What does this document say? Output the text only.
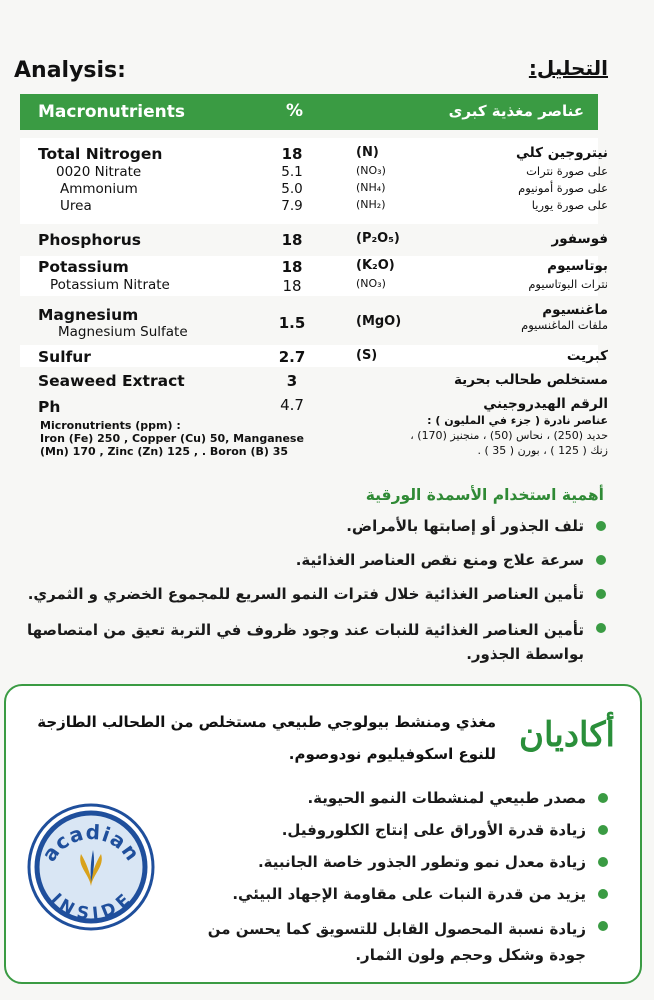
Analysis:	التحليل:
Macronutrients	%	عناصر مغذية كبرى
Total Nitrogen	18	(N)	نيتروجين كلي
0020 Nitrate	5.1	(NO₃)	على صورة نترات
Ammonium	5.0	(NH₄)	على صورة أمونيوم
Urea	7.9	(NH₂)	على صورة يوريا
Phosphorus	18	(P₂O₅)	فوسفور
Potassium	18	(K₂O)	بوتاسيوم
Potassium Nitrate	18	(NO₃)	نترات البوتاسيوم
Magnesium	ماغنسيوم
Magnesium Sulfate	1.5	(MgO)	ملفات الماغنسيوم
Sulfur	2.7	(S)	كبريت
Seaweed Extract	3	مستخلص طحالب بحرية
Ph	4.7	الرقم الهيدروجيني
Micronutrients (ppm) :
Iron (Fe) 250 , Copper (Cu) 50, Manganese
(Mn) 170 , Zinc (Zn) 125 , . Boron (B) 35
عناصر نادرة ( جزء في المليون ) :
حديد (250) ، نحاس (50) ، منجنيز (170) ،
زنك ( 125 ) ، بورن ( 35 ) .
أهمية استخدام الأسمدة الورقية
تلف الجذور أو إصابتها بالأمراض.
سرعة علاج ومنع نقص العناصر الغذائية.
تأمين العناصر الغذائية خلال فترات النمو السريع للمجموع الخضري و الثمري.
تأمين العناصر الغذائية للنبات عند وجود ظروف في التربة تعيق من امتصاصها بواسطة الجذور.
أكاديان
مغذي ومنشط بيولوجي طبيعي مستخلص من الطحالب الطازجة للنوع اسكوفيليوم نودوصوم.
مصدر طبيعي لمنشطات النمو الحيوية.
زيادة قدرة الأوراق على إنتاج الكلوروفيل.
زيادة معدل نمو وتطور الجذور خاصة الجانبية.
يزيد من قدرة النبات على مقاومة الإجهاد البيئي.
زيادة نسبة المحصول القابل للتسويق كما يحسن من جودة وشكل وحجم ولون الثمار.
acadian
INSIDE
